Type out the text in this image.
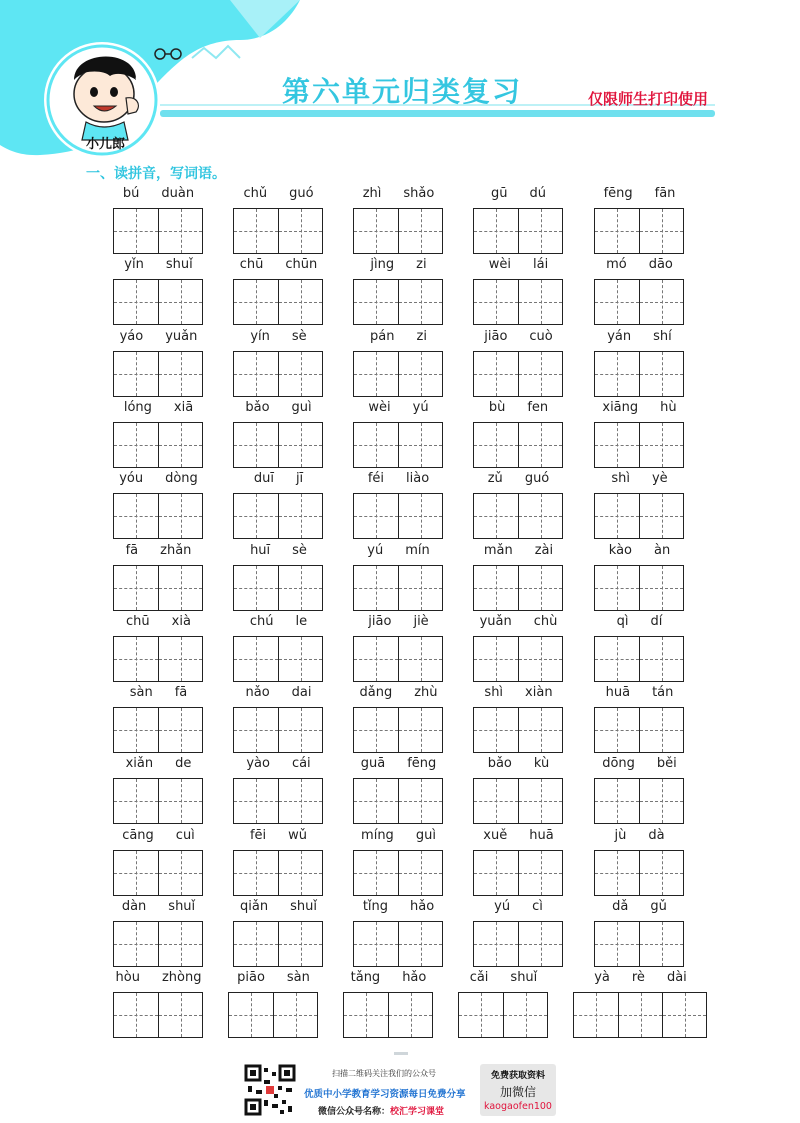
小儿郎
第六单元归类复习	仅限师生打印使用
一、读拼音，写词语。
bú duàn	chǔ guó	zhì shǎo	gū dú	fēng fān
yǐn shuǐ	chū chūn	jìng zi	wèi lái	mó dāo
yáo yuǎn	yín sè	pán zi	jiāo cuò	yán shí
lóng xiā	bǎo guì	wèi yú	bù fen	xiāng hù
yóu dòng	duī jī	féi liào	zǔ guó	shì yè
fā zhǎn	huī sè	yú mín	mǎn zài	kào àn
chū xià	chú le	jiāo jiè	yuǎn chù	qì dí
sàn fā	nǎo dai	dǎng zhù	shì xiàn	huā tán
xiǎn de	yào cái	guā fēng	bǎo kù	dōng běi
cāng cuì	fēi wǔ	míng guì	xuě huā	jù dà
dàn shuǐ	qiǎn shuǐ	tǐng hǎo	yú cì	dǎ gǔ
hòu zhòng	piāo sàn	tǎng hǎo	cǎi shuǐ	yà rè dài
扫描二维码关注我们的公众号
优质中小学教育学习资源每日免费分享
微信公众号名称：校汇学习课堂
免费获取资料
加微信
kaogaofen100
